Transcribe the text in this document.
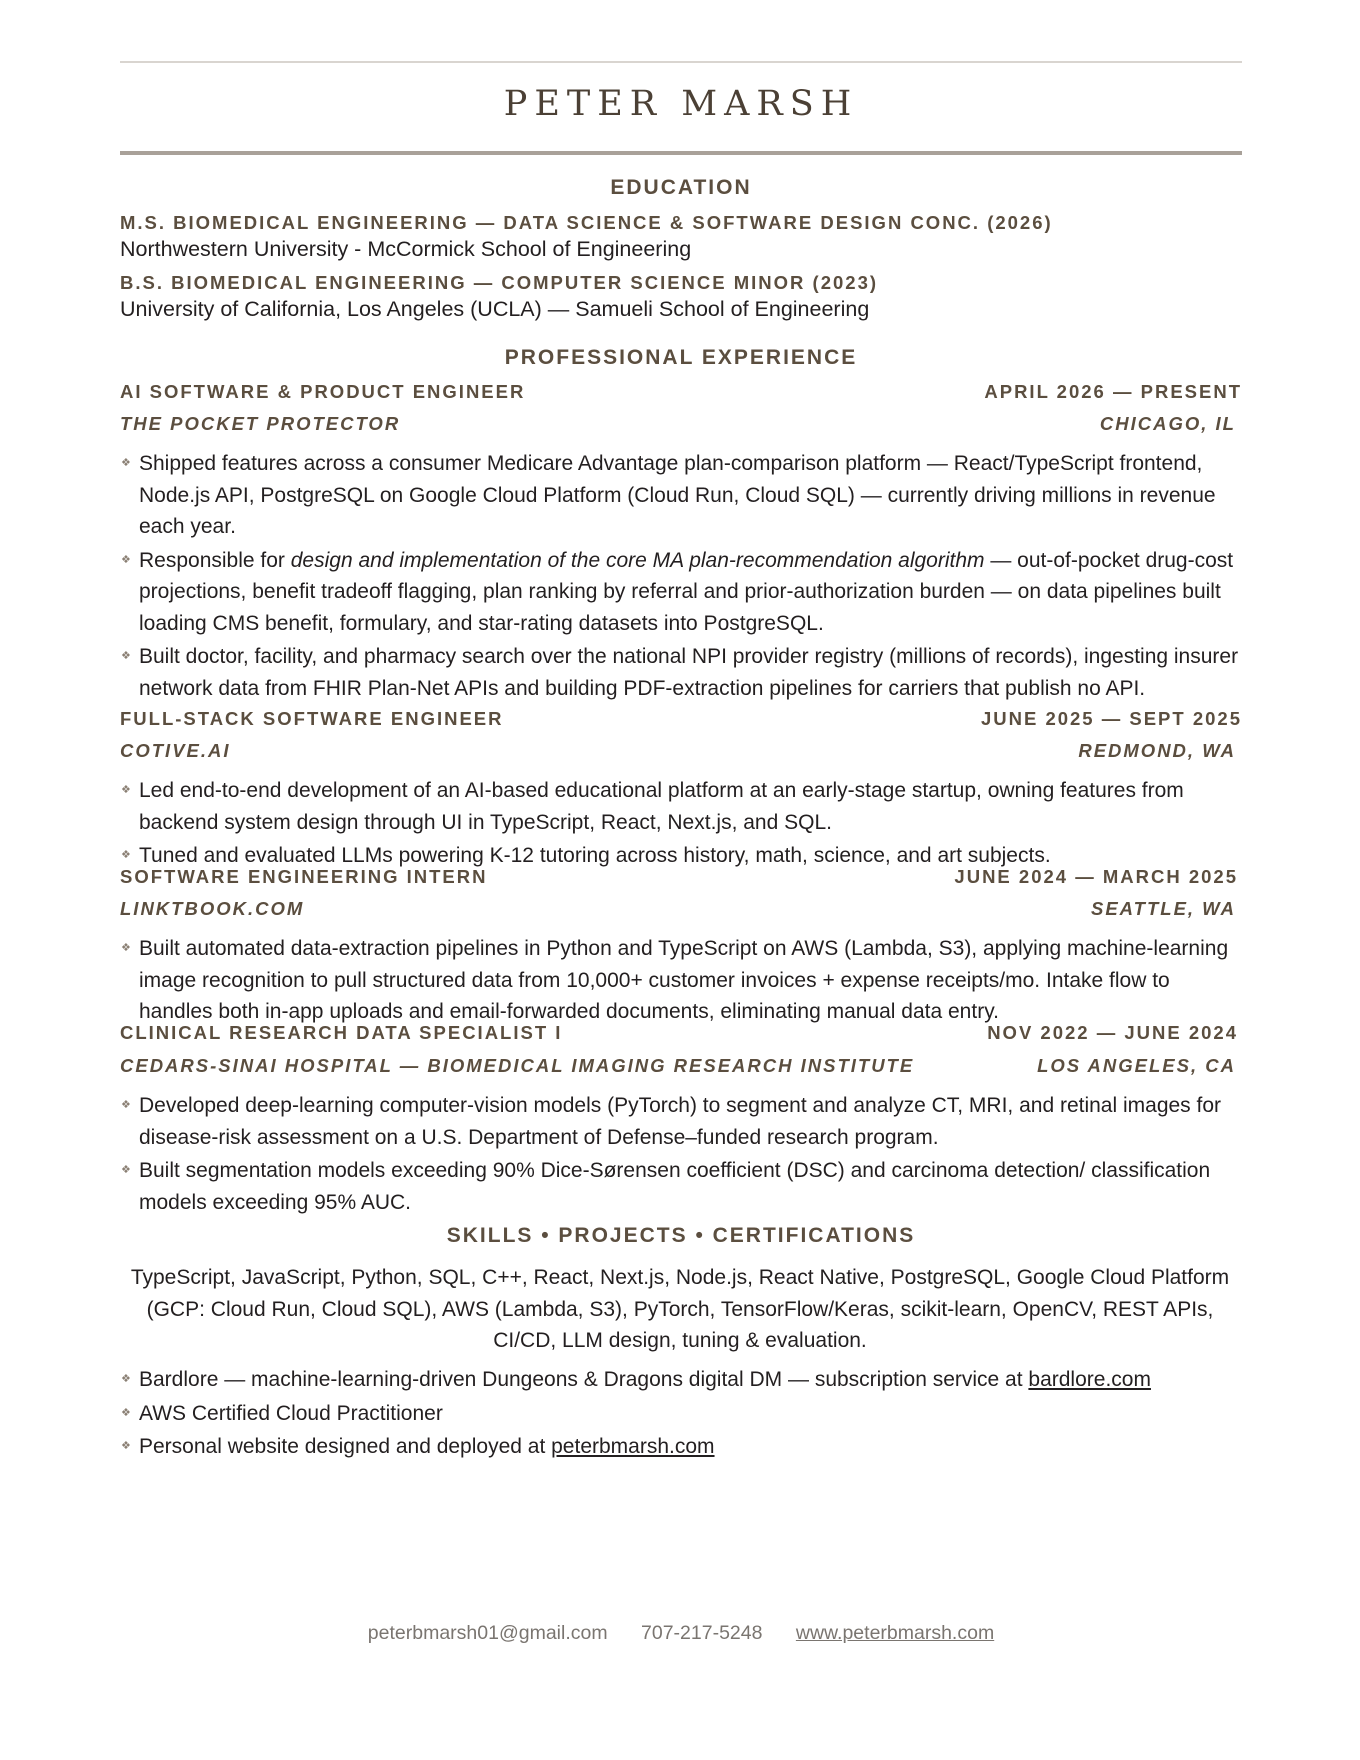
PETER MARSH
EDUCATION
M.S. BIOMEDICAL ENGINEERING — DATA SCIENCE & SOFTWARE DESIGN CONC. (2026)
Northwestern University - McCormick School of Engineering
B.S. BIOMEDICAL ENGINEERING — COMPUTER SCIENCE MINOR (2023)
University of California, Los Angeles (UCLA) — Samueli School of Engineering
PROFESSIONAL EXPERIENCE
AI SOFTWARE & PRODUCT ENGINEER	APRIL 2026 — PRESENT
THE POCKET PROTECTOR	CHICAGO, IL
❖ Shipped features across a consumer Medicare Advantage plan-comparison platform — React/TypeScript frontend, Node.js API, PostgreSQL on Google Cloud Platform (Cloud Run, Cloud SQL) — currently driving millions in revenue each year.
❖ Responsible for design and implementation of the core MA plan-recommendation algorithm — out-of-pocket drug-cost projections, benefit tradeoff flagging, plan ranking by referral and prior-authorization burden — on data pipelines built loading CMS benefit, formulary, and star-rating datasets into PostgreSQL.
❖ Built doctor, facility, and pharmacy search over the national NPI provider registry (millions of records), ingesting insurer network data from FHIR Plan-Net APIs and building PDF-extraction pipelines for carriers that publish no API.
FULL-STACK SOFTWARE ENGINEER	JUNE 2025 — SEPT 2025
COTIVE.AI	REDMOND, WA
❖ Led end-to-end development of an AI-based educational platform at an early-stage startup, owning features from backend system design through UI in TypeScript, React, Next.js, and SQL.
❖ Tuned and evaluated LLMs powering K-12 tutoring across history, math, science, and art subjects.
SOFTWARE ENGINEERING INTERN	JUNE 2024 — MARCH 2025
LINKTBOOK.COM	SEATTLE, WA
❖ Built automated data-extraction pipelines in Python and TypeScript on AWS (Lambda, S3), applying machine-learning image recognition to pull structured data from 10,000+ customer invoices + expense receipts/mo. Intake flow to handles both in-app uploads and email-forwarded documents, eliminating manual data entry.
CLINICAL RESEARCH DATA SPECIALIST I	NOV 2022 — JUNE 2024
CEDARS-SINAI HOSPITAL — BIOMEDICAL IMAGING RESEARCH INSTITUTE	LOS ANGELES, CA
❖ Developed deep-learning computer-vision models (PyTorch) to segment and analyze CT, MRI, and retinal images for disease-risk assessment on a U.S. Department of Defense–funded research program.
❖ Built segmentation models exceeding 90% Dice-Sørensen coefficient (DSC) and carcinoma detection/ classification models exceeding 95% AUC.
SKILLS • PROJECTS • CERTIFICATIONS
TypeScript, JavaScript, Python, SQL, C++, React, Next.js, Node.js, React Native, PostgreSQL, Google Cloud Platform (GCP: Cloud Run, Cloud SQL), AWS (Lambda, S3), PyTorch, TensorFlow/Keras, scikit-learn, OpenCV, REST APIs, CI/CD, LLM design, tuning & evaluation.
❖ Bardlore — machine-learning-driven Dungeons & Dragons digital DM — subscription service at bardlore.com
❖ AWS Certified Cloud Practitioner
❖ Personal website designed and deployed at peterbmarsh.com
peterbmarsh01@gmail.com 707-217-5248 www.peterbmarsh.com
